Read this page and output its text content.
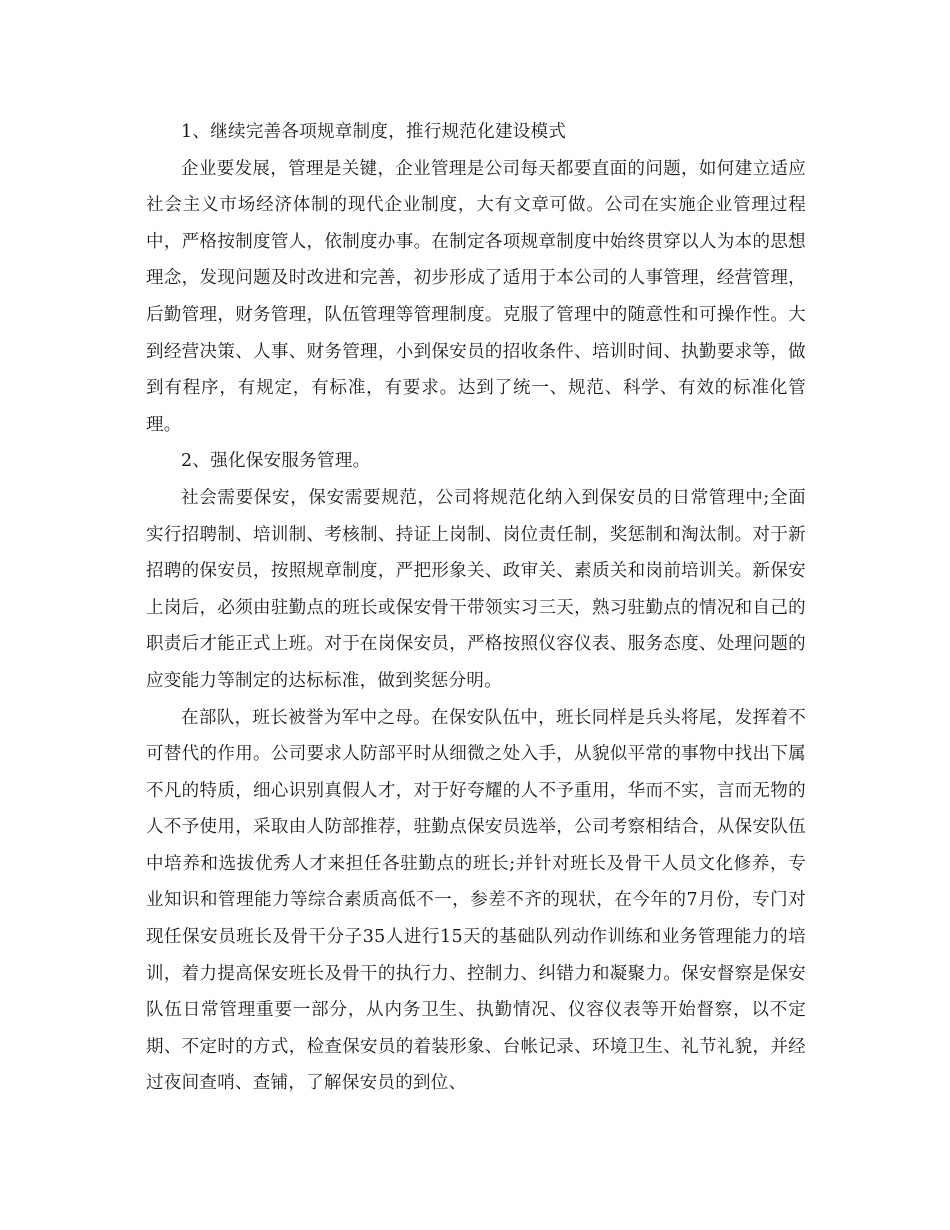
1、继续完善各项规章制度，推行规范化建设模式

企业要发展，管理是关键，企业管理是公司每天都要直面的问题，如何建立适应社会主义市场经济体制的现代企业制度，大有文章可做。公司在实施企业管理过程中，严格按制度管人，依制度办事。在制定各项规章制度中始终贯穿以人为本的思想理念，发现问题及时改进和完善，初步形成了适用于本公司的人事管理，经营管理，后勤管理，财务管理，队伍管理等管理制度。克服了管理中的随意性和可操作性。大到经营决策、人事、财务管理，小到保安员的招收条件、培训时间、执勤要求等，做到有程序，有规定，有标准，有要求。达到了统一、规范、科学、有效的标准化管理。

2、强化保安服务管理。

社会需要保安，保安需要规范，公司将规范化纳入到保安员的日常管理中;全面实行招聘制、培训制、考核制、持证上岗制、岗位责任制，奖惩制和淘汰制。对于新招聘的保安员，按照规章制度，严把形象关、政审关、素质关和岗前培训关。新保安上岗后，必须由驻勤点的班长或保安骨干带领实习三天，熟习驻勤点的情况和自己的职责后才能正式上班。对于在岗保安员，严格按照仪容仪表、服务态度、处理问题的应变能力等制定的达标标准，做到奖惩分明。

在部队，班长被誉为军中之母。在保安队伍中，班长同样是兵头将尾，发挥着不可替代的作用。公司要求人防部平时从细微之处入手，从貌似平常的事物中找出下属不凡的特质，细心识别真假人才，对于好夸耀的人不予重用，华而不实，言而无物的人不予使用，采取由人防部推荐，驻勤点保安员选举，公司考察相结合，从保安队伍中培养和选拔优秀人才来担任各驻勤点的班长;并针对班长及骨干人员文化修养，专业知识和管理能力等综合素质高低不一，参差不齐的现状，在今年的7月份，专门对现任保安员班长及骨干分子35人进行15天的基础队列动作训练和业务管理能力的培训，着力提高保安班长及骨干的执行力、控制力、纠错力和凝聚力。保安督察是保安队伍日常管理重要一部分，从内务卫生、执勤情况、仪容仪表等开始督察，以不定期、不定时的方式，检查保安员的着装形象、台帐记录、环境卫生、礼节礼貌，并经过夜间查哨、查铺，了解保安员的到位、
